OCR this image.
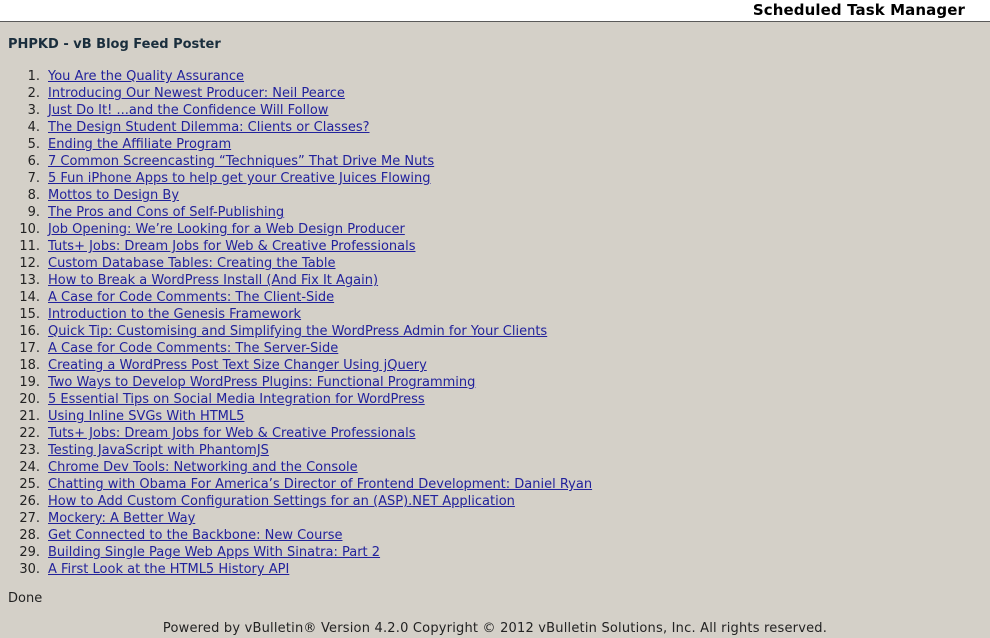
Scheduled Task Manager
PHPKD - vB Blog Feed Poster
You Are the Quality Assurance
Introducing Our Newest Producer: Neil Pearce
Just Do It! ...and the Confidence Will Follow
The Design Student Dilemma: Clients or Classes?
Ending the Affiliate Program
7 Common Screencasting “Techniques” That Drive Me Nuts
5 Fun iPhone Apps to help get your Creative Juices Flowing
Mottos to Design By
The Pros and Cons of Self-Publishing
Job Opening: We’re Looking for a Web Design Producer
Tuts+ Jobs: Dream Jobs for Web & Creative Professionals
Custom Database Tables: Creating the Table
How to Break a WordPress Install (And Fix It Again)
A Case for Code Comments: The Client-Side
Introduction to the Genesis Framework
Quick Tip: Customising and Simplifying the WordPress Admin for Your Clients
A Case for Code Comments: The Server-Side
Creating a WordPress Post Text Size Changer Using jQuery
Two Ways to Develop WordPress Plugins: Functional Programming
5 Essential Tips on Social Media Integration for WordPress
Using Inline SVGs With HTML5
Tuts+ Jobs: Dream Jobs for Web & Creative Professionals
Testing JavaScript with PhantomJS
Chrome Dev Tools: Networking and the Console
Chatting with Obama For America’s Director of Frontend Development: Daniel Ryan
How to Add Custom Configuration Settings for an (ASP).NET Application
Mockery: A Better Way
Get Connected to the Backbone: New Course
Building Single Page Web Apps With Sinatra: Part 2
A First Look at the HTML5 History API
Done
Powered by vBulletin® Version 4.2.0 Copyright © 2012 vBulletin Solutions, Inc. All rights reserved.
